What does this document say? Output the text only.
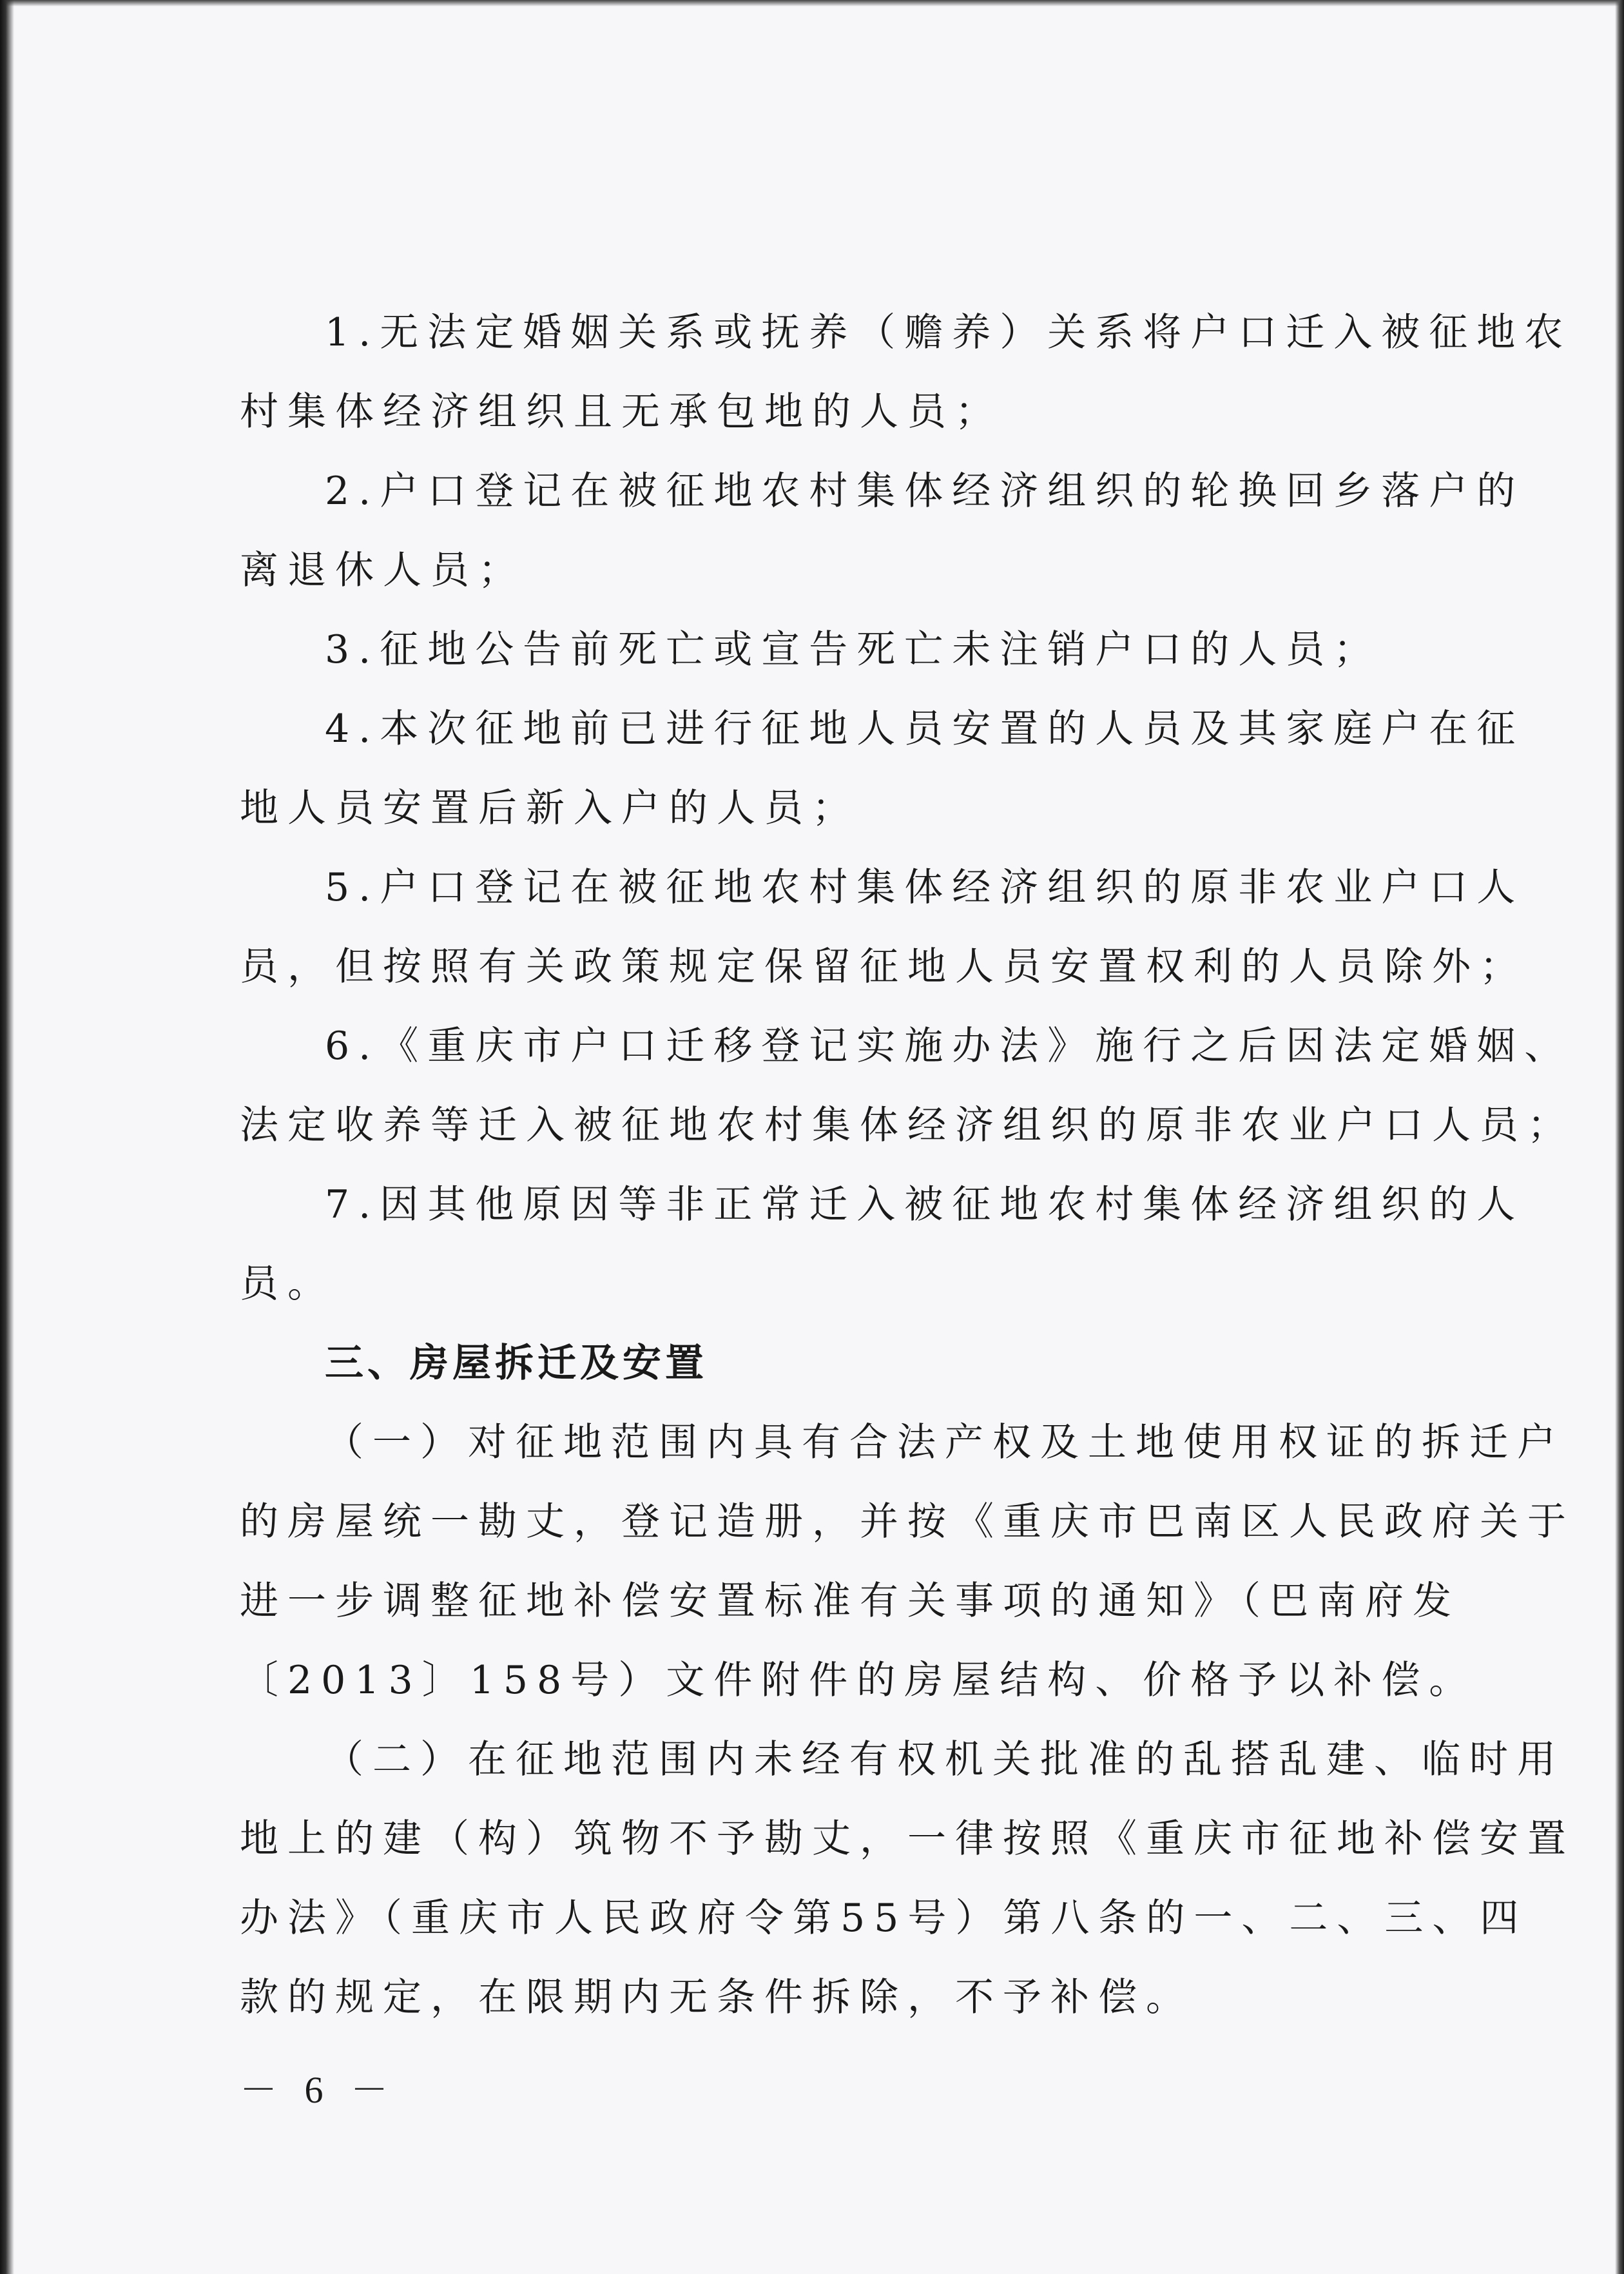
1.无法定婚姻关系或抚养（赡养）关系将户口迁入被征地农
村集体经济组织且无承包地的人员；
2.户口登记在被征地农村集体经济组织的轮换回乡落户的
离退休人员；
3.征地公告前死亡或宣告死亡未注销户口的人员；
4.本次征地前已进行征地人员安置的人员及其家庭户在征
地人员安置后新入户的人员；
5.户口登记在被征地农村集体经济组织的原非农业户口人
员，但按照有关政策规定保留征地人员安置权利的人员除外；
6.《重庆市户口迁移登记实施办法》施行之后因法定婚姻、
法定收养等迁入被征地农村集体经济组织的原非农业户口人员；
7.因其他原因等非正常迁入被征地农村集体经济组织的人
员。
三、房屋拆迁及安置
（一）对征地范围内具有合法产权及土地使用权证的拆迁户
的房屋统一勘丈，登记造册，并按《重庆市巴南区人民政府关于
进一步调整征地补偿安置标准有关事项的通知》（巴南府发
〔2013〕158号）文件附件的房屋结构、价格予以补偿。
（二）在征地范围内未经有权机关批准的乱搭乱建、临时用
地上的建（构）筑物不予勘丈，一律按照《重庆市征地补偿安置
办法》（重庆市人民政府令第55号）第八条的一、二、三、四
款的规定，在限期内无条件拆除，不予补偿。
－ 6 －
